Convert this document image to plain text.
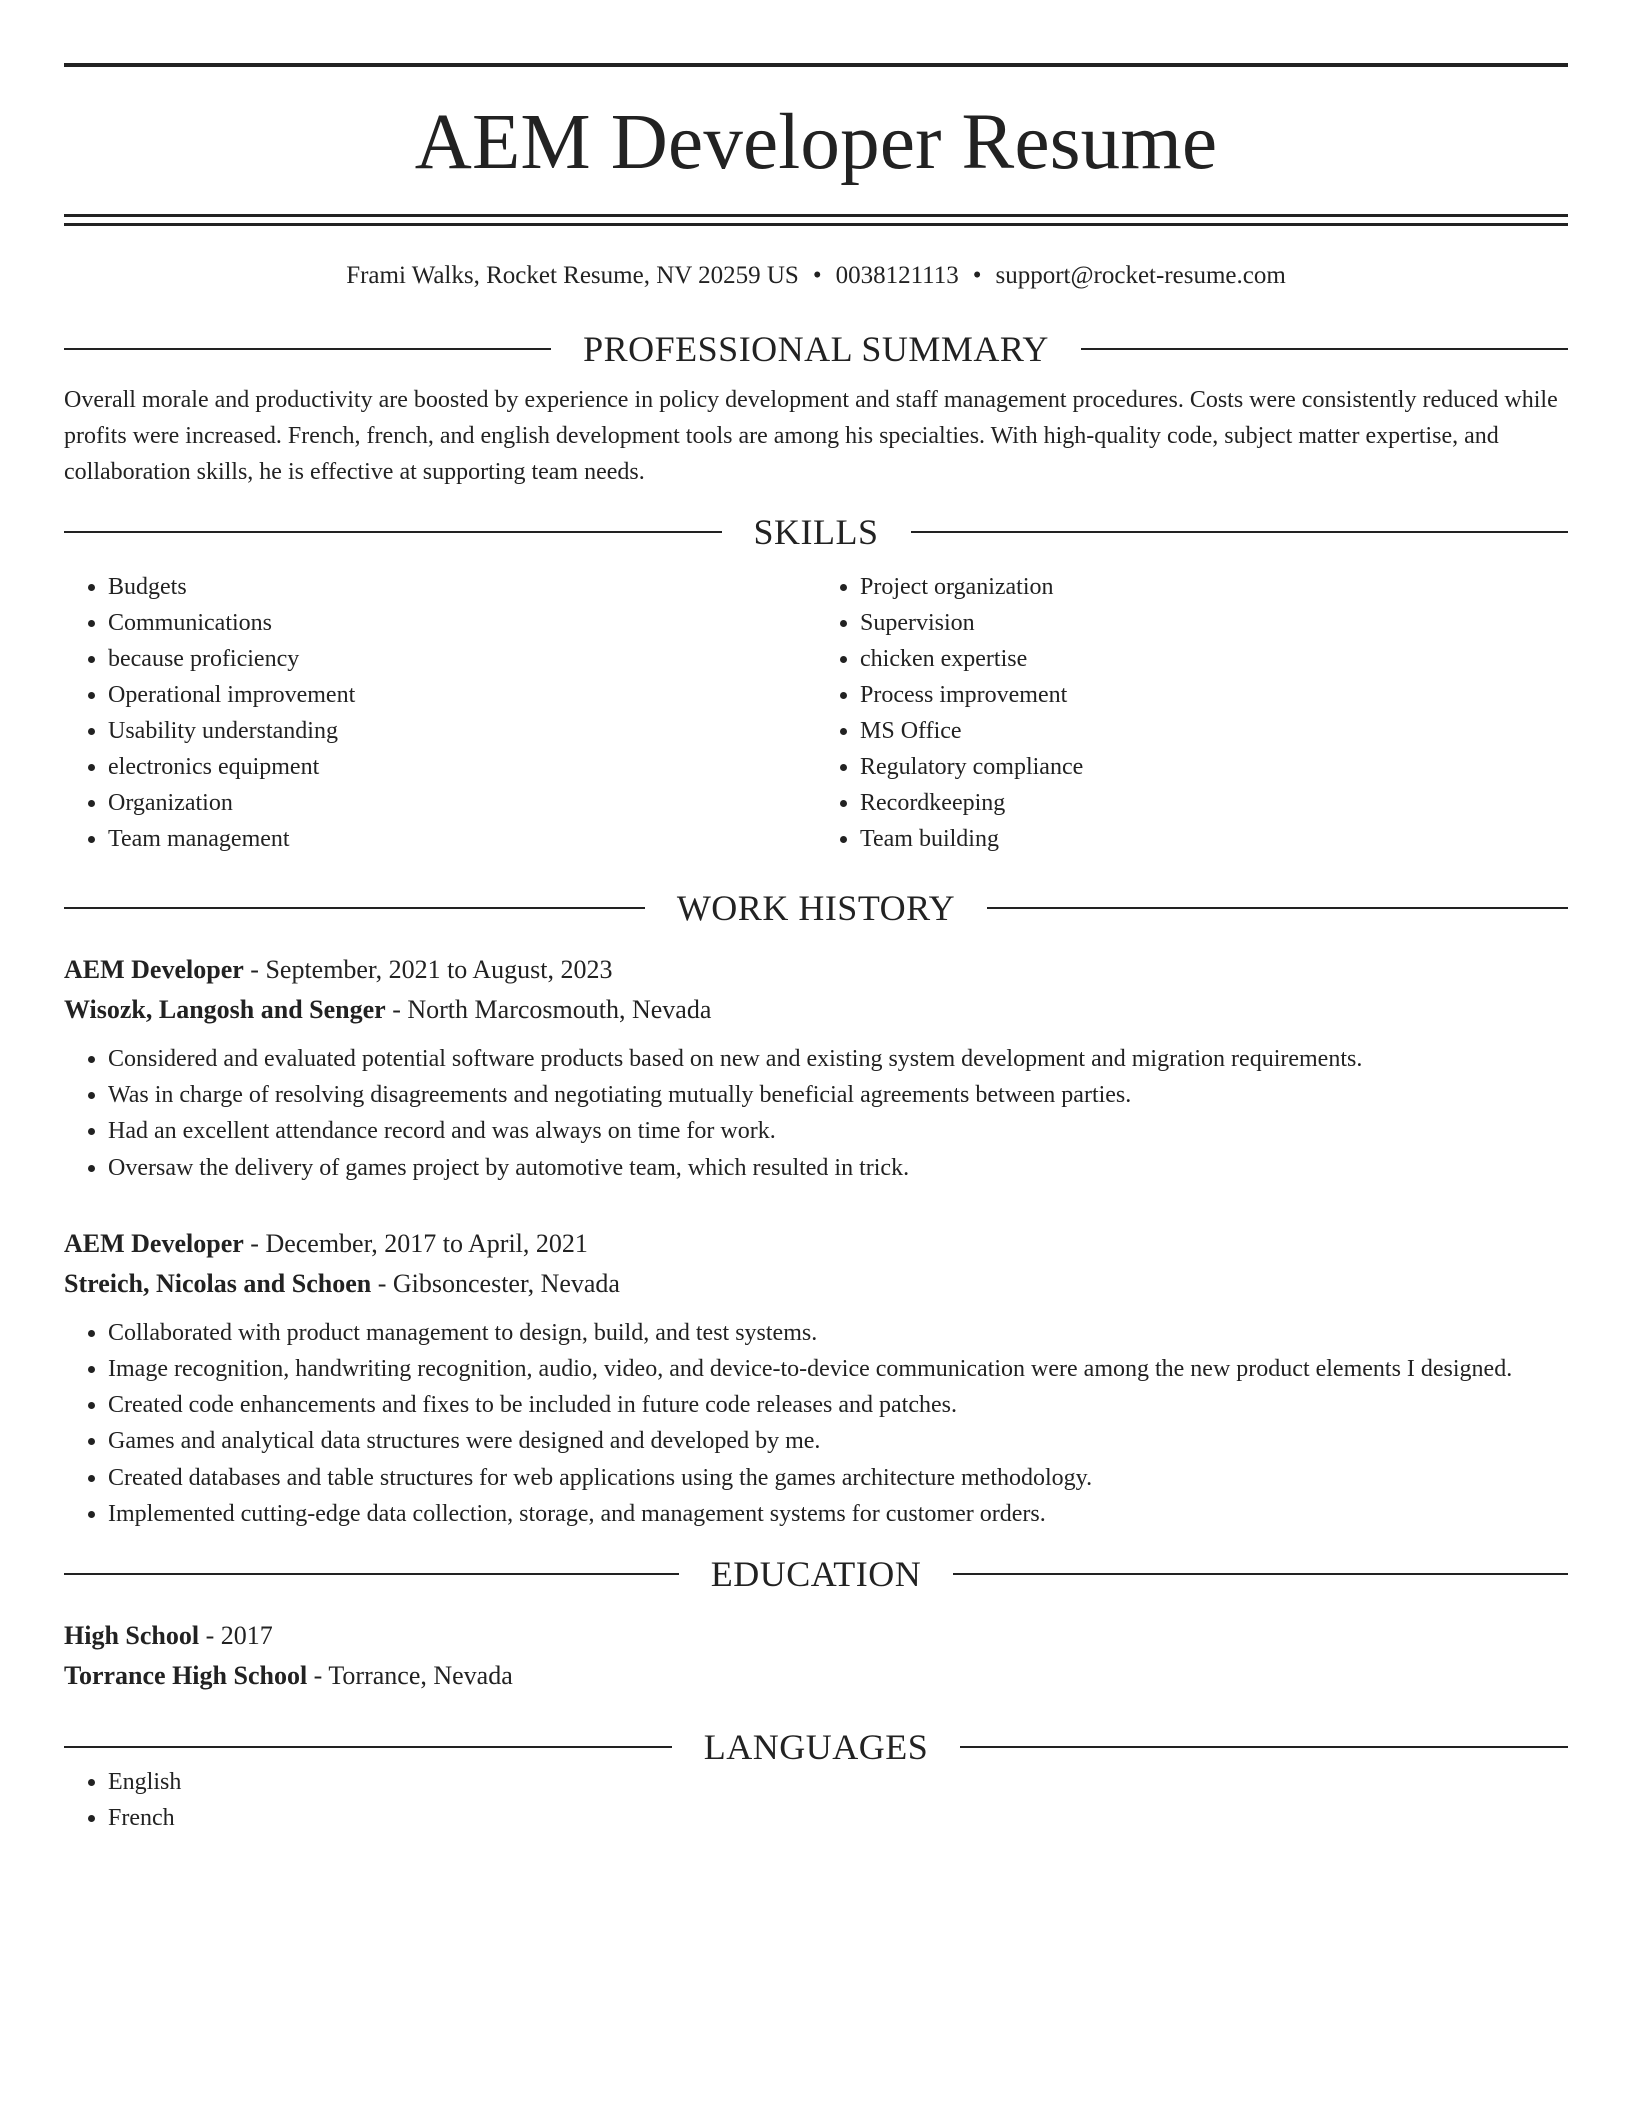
AEM Developer Resume
Frami Walks, Rocket Resume, NV 20259 US • 0038121113 • support@rocket-resume.com
PROFESSIONAL SUMMARY
Overall morale and productivity are boosted by experience in policy development and staff management procedures. Costs were consistently reduced while profits were increased. French, french, and english development tools are among his specialties. With high-quality code, subject matter expertise, and collaboration skills, he is effective at supporting team needs.
SKILLS
• Budgets
• Communications
• because proficiency
• Operational improvement
• Usability understanding
• electronics equipment
• Organization
• Team management
• Project organization
• Supervision
• chicken expertise
• Process improvement
• MS Office
• Regulatory compliance
• Recordkeeping
• Team building
WORK HISTORY
AEM Developer - September, 2021 to August, 2023
Wisozk, Langosh and Senger - North Marcosmouth, Nevada
• Considered and evaluated potential software products based on new and existing system development and migration requirements.
• Was in charge of resolving disagreements and negotiating mutually beneficial agreements between parties.
• Had an excellent attendance record and was always on time for work.
• Oversaw the delivery of games project by automotive team, which resulted in trick.
AEM Developer - December, 2017 to April, 2021
Streich, Nicolas and Schoen - Gibsoncester, Nevada
• Collaborated with product management to design, build, and test systems.
• Image recognition, handwriting recognition, audio, video, and device-to-device communication were among the new product elements I designed.
• Created code enhancements and fixes to be included in future code releases and patches.
• Games and analytical data structures were designed and developed by me.
• Created databases and table structures for web applications using the games architecture methodology.
• Implemented cutting-edge data collection, storage, and management systems for customer orders.
EDUCATION
High School - 2017
Torrance High School - Torrance, Nevada
LANGUAGES
• English
• French
